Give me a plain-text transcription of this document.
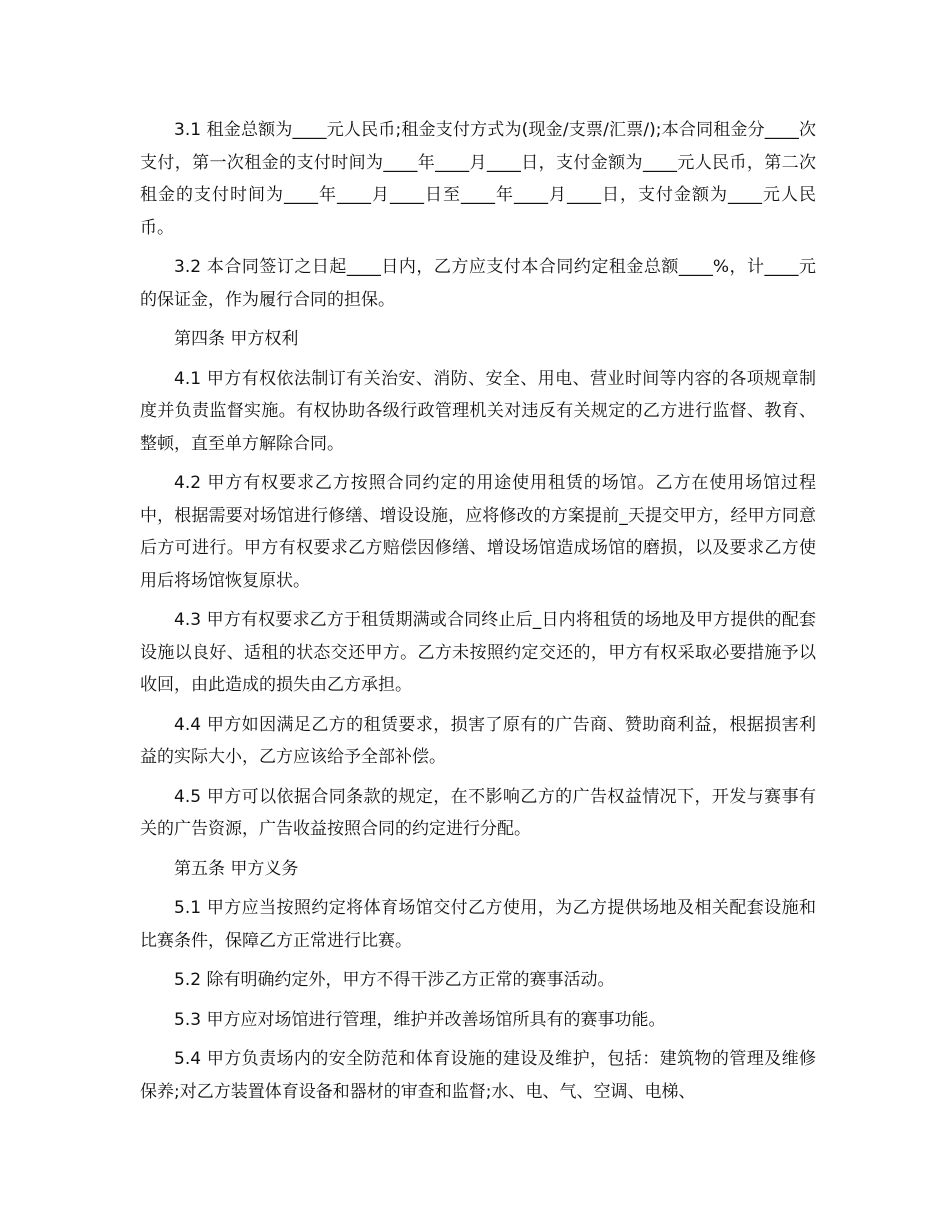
3.1 租金总额为____元人民币;租金支付方式为(现金/支票/汇票/);本合同租金分____次支付，第一次租金的支付时间为____年____月____日，支付金额为____元人民币，第二次租金的支付时间为____年____月____日至____年____月____日，支付金额为____元人民币。

3.2 本合同签订之日起____日内，乙方应支付本合同约定租金总额____%，计____元的保证金，作为履行合同的担保。

第四条 甲方权利

4.1 甲方有权依法制订有关治安、消防、安全、用电、营业时间等内容的各项规章制度并负责监督实施。有权协助各级行政管理机关对违反有关规定的乙方进行监督、教育、整顿，直至单方解除合同。

4.2 甲方有权要求乙方按照合同约定的用途使用租赁的场馆。乙方在使用场馆过程中，根据需要对场馆进行修缮、增设设施，应将修改的方案提前_天提交甲方，经甲方同意后方可进行。甲方有权要求乙方赔偿因修缮、增设场馆造成场馆的磨损，以及要求乙方使用后将场馆恢复原状。

4.3 甲方有权要求乙方于租赁期满或合同终止后_日内将租赁的场地及甲方提供的配套设施以良好、适租的状态交还甲方。乙方未按照约定交还的，甲方有权采取必要措施予以收回，由此造成的损失由乙方承担。

4.4 甲方如因满足乙方的租赁要求，损害了原有的广告商、赞助商利益，根据损害利益的实际大小，乙方应该给予全部补偿。

4.5 甲方可以依据合同条款的规定，在不影响乙方的广告权益情况下，开发与赛事有关的广告资源，广告收益按照合同的约定进行分配。

第五条 甲方义务

5.1 甲方应当按照约定将体育场馆交付乙方使用，为乙方提供场地及相关配套设施和比赛条件，保障乙方正常进行比赛。

5.2 除有明确约定外，甲方不得干涉乙方正常的赛事活动。

5.3 甲方应对场馆进行管理，维护并改善场馆所具有的赛事功能。

5.4 甲方负责场内的安全防范和体育设施的建设及维护，包括：建筑物的管理及维修保养;对乙方装置体育设备和器材的审查和监督;水、电、气、空调、电梯、
